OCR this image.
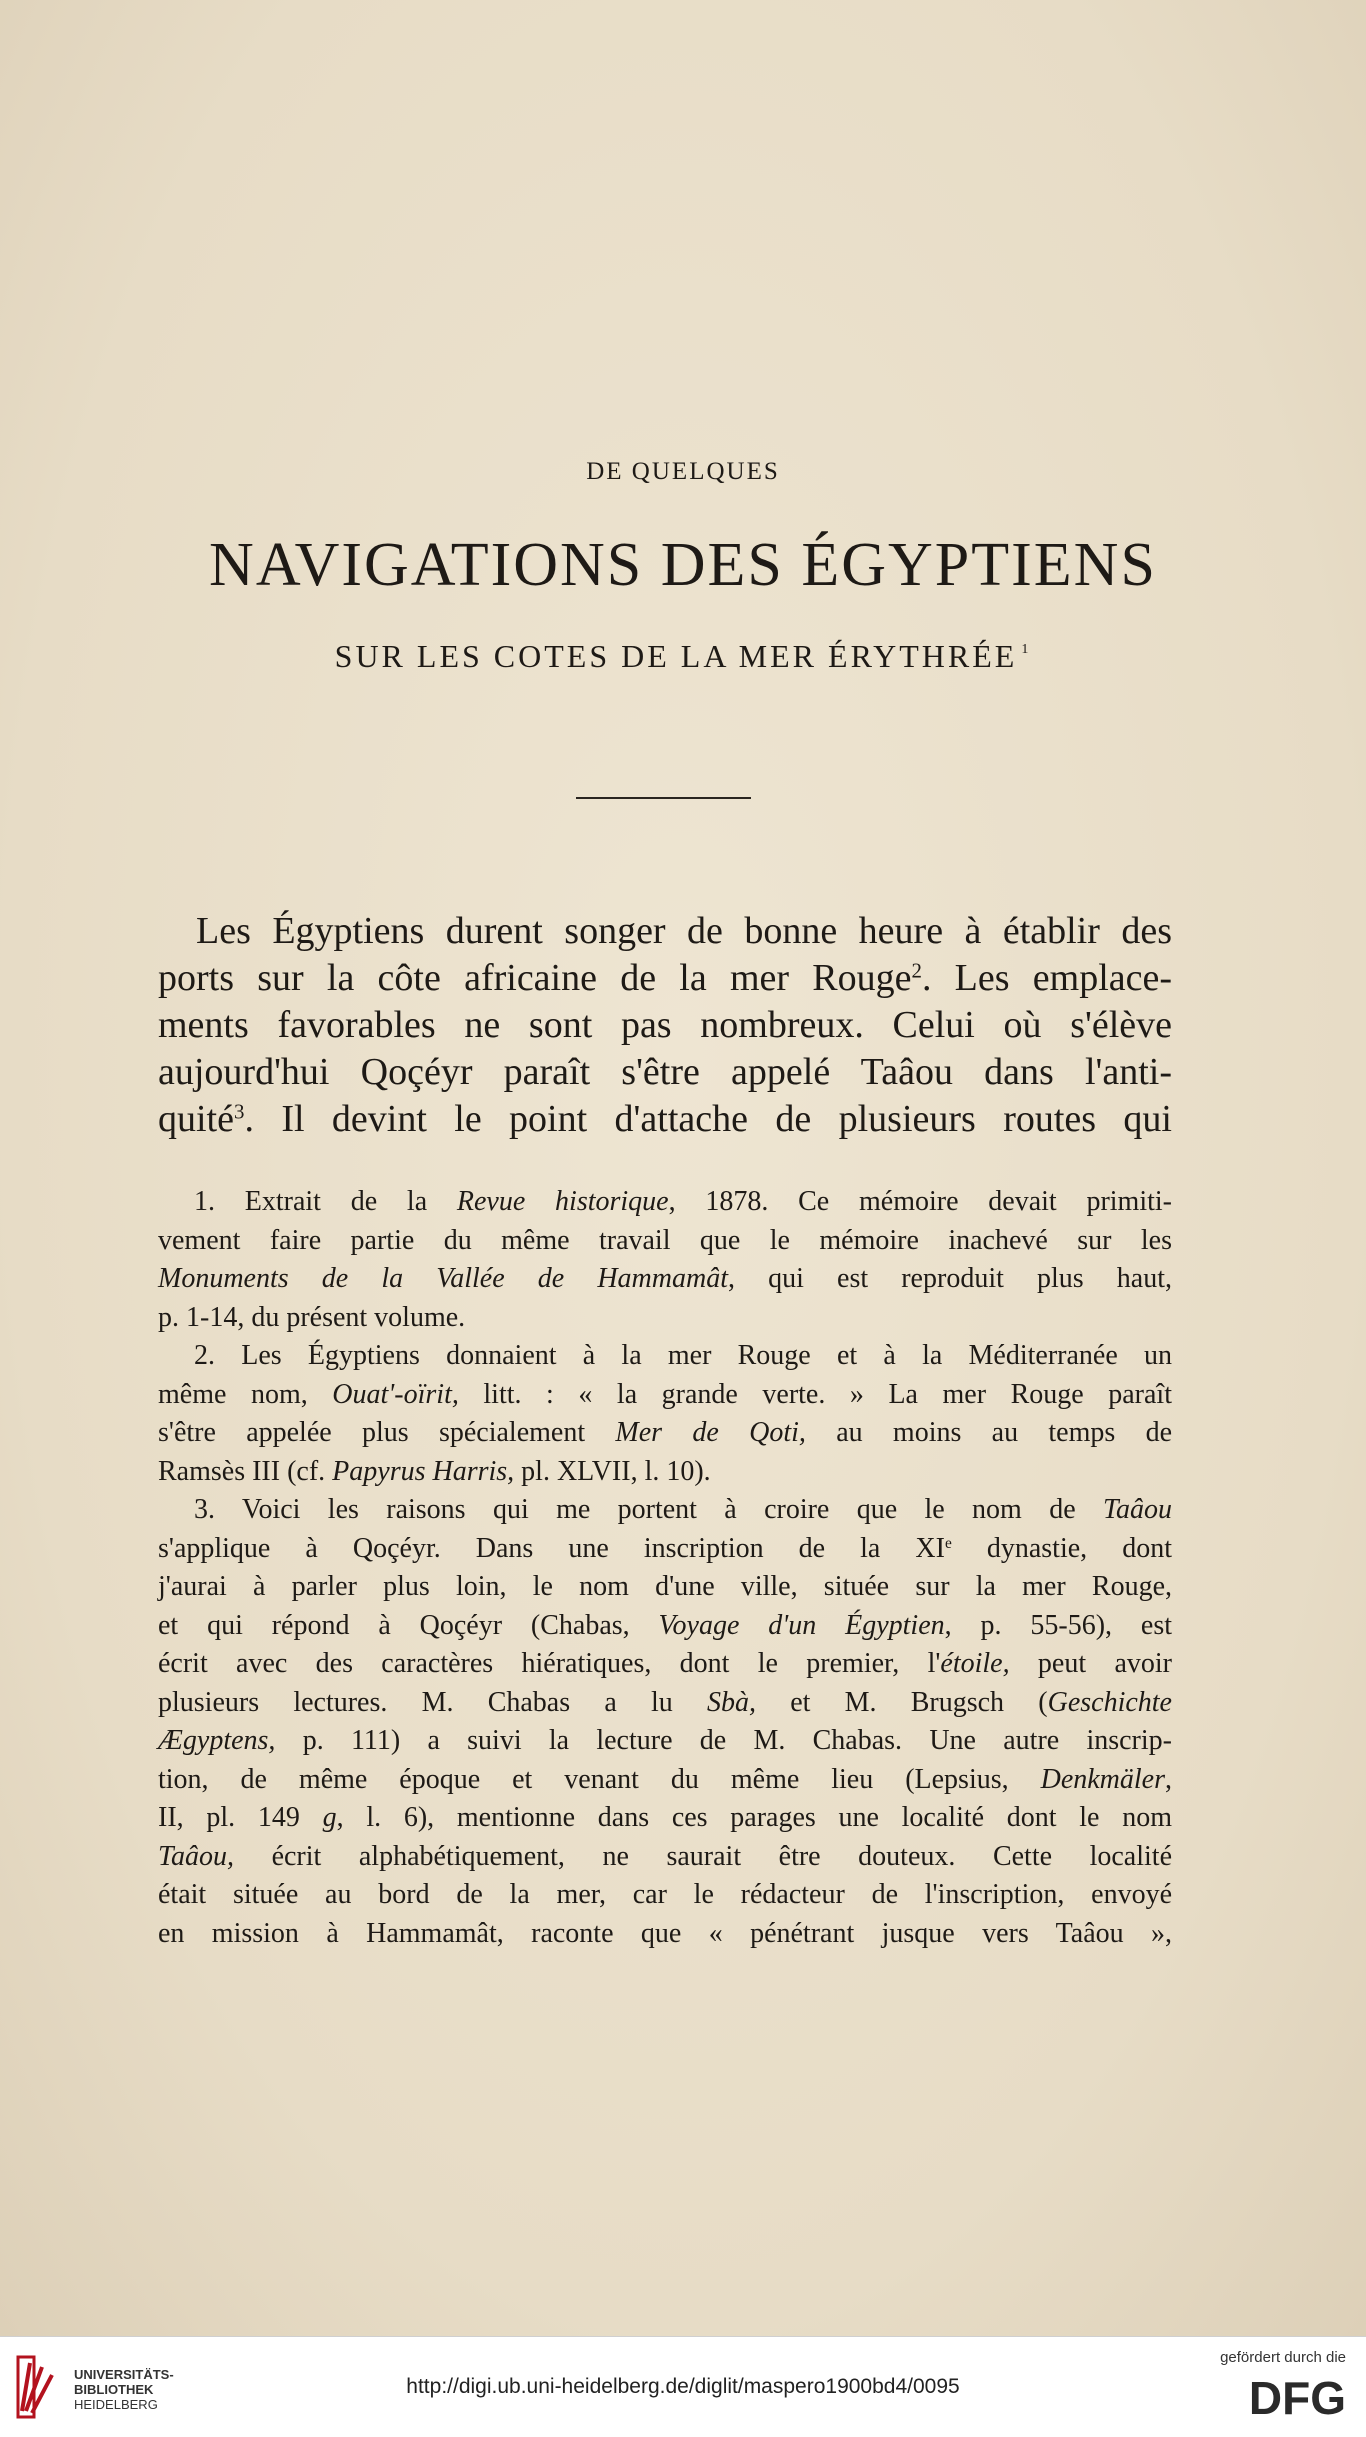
DE QUELQUES
NAVIGATIONS DES ÉGYPTIENS
SUR LES COTES DE LA MER ÉRYTHRÉE $^1$
Les Égyptiens durent songer de bonne heure à établir des
ports sur la côte africaine de la mer Rouge$^2$. Les emplace-
ments favorables ne sont pas nombreux. Celui où s'élève
aujourd'hui Qoçéyr paraît s'être appelé Taâou dans l'anti-
quité$^3$. Il devint le point d'attache de plusieurs routes qui
1. Extrait de la Revue historique, 1878. Ce mémoire devait primiti-
vement faire partie du même travail que le mémoire inachevé sur les
Monuments de la Vallée de Hammamât, qui est reproduit plus haut,
p. 1-14, du présent volume.
2. Les Égyptiens donnaient à la mer Rouge et à la Méditerranée un
même nom, Ouat'-oïrit, litt. : « la grande verte. » La mer Rouge paraît
s'être appelée plus spécialement Mer de Qoti, au moins au temps de
Ramsès III (cf. Papyrus Harris, pl. XLVII, l. 10).
3. Voici les raisons qui me portent à croire que le nom de Taâou
s'applique à Qoçéyr. Dans une inscription de la XIe dynastie, dont
j'aurai à parler plus loin, le nom d'une ville, située sur la mer Rouge,
et qui répond à Qoçéyr (Chabas, Voyage d'un Égyptien, p. 55-56), est
écrit avec des caractères hiératiques, dont le premier, l'étoile, peut avoir
plusieurs lectures. M. Chabas a lu Sbà, et M. Brugsch (Geschichte
Ægyptens, p. 111) a suivi la lecture de M. Chabas. Une autre inscrip-
tion, de même époque et venant du même lieu (Lepsius, Denkmäler,
II, pl. 149 g, l. 6), mentionne dans ces parages une localité dont le nom
Taâou, écrit alphabétiquement, ne saurait être douteux. Cette localité
était située au bord de la mer, car le rédacteur de l'inscription, envoyé
en mission à Hammamât, raconte que « pénétrant jusque vers Taâou »,
UNIVERSITÄTS-
BIBLIOTHEK
HEIDELBERG
http://digi.ub.uni-heidelberg.de/diglit/maspero1900bd4/0095
gefördert durch die
DFG
